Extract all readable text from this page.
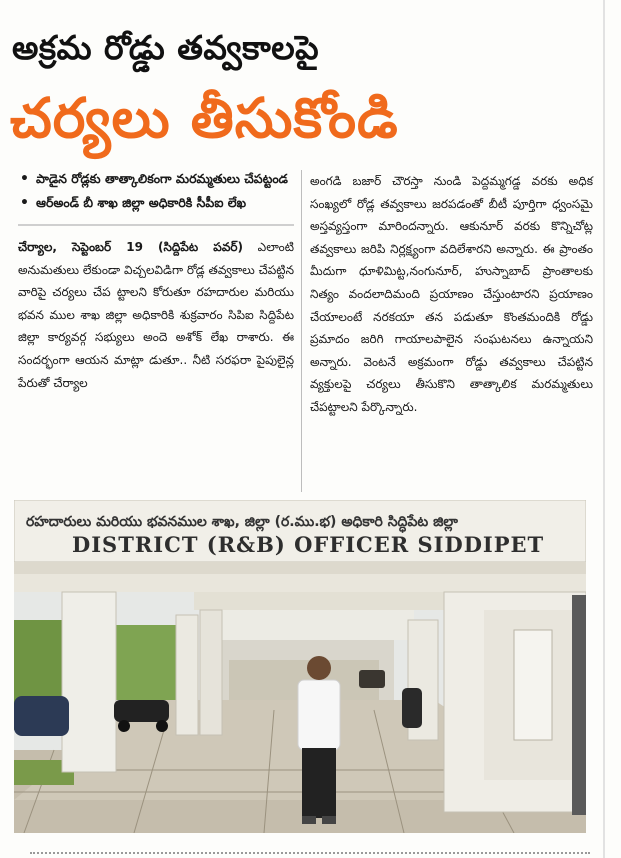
అక్రమ రోడ్డు తవ్వకాలపై
చర్యలు తీసుకోండి
• పాడైన రోడ్లకు తాత్కాలికంగా మరమ్మతులు చేపట్టండ
• ఆర్అండ్ బీ శాఖ జిల్లా అధికారికి సీపీఐ లేఖ
చేర్యాల, సెప్టెంబర్ 19 (సిద్దిపేట పవర్) ఎలాంటి అనుమతులు లేకుండా విచ్చలవిడిగా రోడ్ల తవ్వకాలు చేపట్టిన వారిపై చర్యలు చేప ట్టాలని కోరుతూ రహదారుల మరియు భవన ముల శాఖ జిల్లా అధికారికి శుక్రవారం సిపిఐ సిద్దిపేట జిల్లా కార్యవర్గ సభ్యులు అందె అశోక్ లేఖ రాశారు. ఈ సందర్భంగా ఆయన మాట్లా డుతూ.. నీటి సరఫరా పైపులైన్ల పేరుతో చేర్యాల
అంగడి బజార్ చౌరస్తా నుండి పెద్దమ్మగడ్డ వరకు అధిక సంఖ్యలో రోడ్ల తవ్వకాలు జరపడంతో బీటీ పూర్తిగా ధ్వంసమై అస్తవ్యస్తంగా మారిందన్నారు. ఆకునూర్ వరకు కొన్నిచోట్ల తవ్వకాలు జరిపి నిర్లక్ష్యంగా వదిలేశారని అన్నారు. ఈ ప్రాంతం మీదుగా ధూళిమిట్ట,నంగునూర్, హుస్నాబాద్ ప్రాంతాలకు నిత్యం వందలాదిమంది ప్రయాణం చేస్తుంటారని ప్రయాణం చేయాలంటే నరకయా తన పడుతూ కొంతమందికి రోడ్డు ప్రమాదం జరిగి గాయాలపాలైన సంఘటనలు ఉన్నాయని అన్నారు. వెంటనే అక్రమంగా రోడ్డు తవ్వకాలు చేపట్టిన వ్యక్తులపై చర్యలు తీసుకొని తాత్కాలిక మరమ్మతులు చేపట్టాలని పేర్కొన్నారు.
రహదారులు మరియు భవనముల శాఖ, జిల్లా (ర.ము.భ) అధికారి సిద్ధిపేట జిల్లా
DISTRICT (R&B) OFFICER SIDDIPET
